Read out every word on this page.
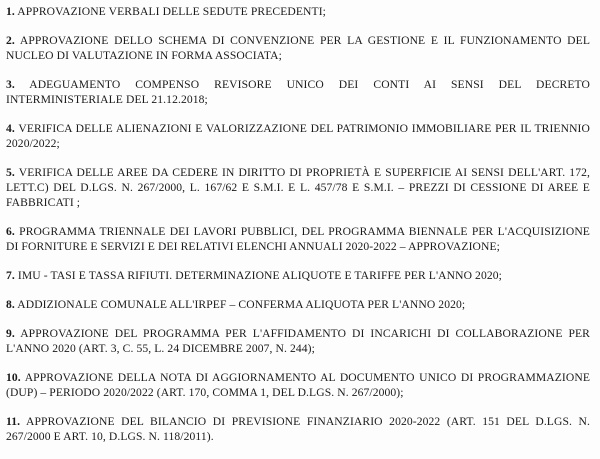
1. APPROVAZIONE VERBALI DELLE SEDUTE PRECEDENTI;
2. APPROVAZIONE DELLO SCHEMA DI CONVENZIONE PER LA GESTIONE E IL FUNZIONAMENTO DEL NUCLEO DI VALUTAZIONE IN FORMA ASSOCIATA;
3. ADEGUAMENTO COMPENSO REVISORE UNICO DEI CONTI AI SENSI DEL DECRETO INTERMINISTERIALE DEL 21.12.2018;
4. VERIFICA DELLE ALIENAZIONI E VALORIZZAZIONE DEL PATRIMONIO IMMOBILIARE PER IL TRIENNIO 2020/2022;
5. VERIFICA DELLE AREE DA CEDERE IN DIRITTO DI PROPRIETÀ E SUPERFICIE AI SENSI DELL'ART. 172, LETT.C) DEL D.LGS. N. 267/2000, L. 167/62 E S.M.I. E L. 457/78 E S.M.I. – PREZZI DI CESSIONE DI AREE E FABBRICATI ;
6. PROGRAMMA TRIENNALE DEI LAVORI PUBBLICI, DEL PROGRAMMA BIENNALE PER L'ACQUISIZIONE DI FORNITURE E SERVIZI E DEI RELATIVI ELENCHI ANNUALI 2020-2022 – APPROVAZIONE;
7. IMU - TASI E TASSA RIFIUTI. DETERMINAZIONE ALIQUOTE E TARIFFE PER L'ANNO 2020;
8. ADDIZIONALE COMUNALE ALL'IRPEF – CONFERMA ALIQUOTA PER L'ANNO 2020;
9. APPROVAZIONE DEL PROGRAMMA PER L'AFFIDAMENTO DI INCARICHI DI COLLABORAZIONE PER L'ANNO 2020 (ART. 3, C. 55, L. 24 DICEMBRE 2007, N. 244);
10. APPROVAZIONE DELLA NOTA DI AGGIORNAMENTO AL DOCUMENTO UNICO DI PROGRAMMAZIONE (DUP) – PERIODO 2020/2022 (ART. 170, COMMA 1, DEL D.LGS. N. 267/2000);
11. APPROVAZIONE DEL BILANCIO DI PREVISIONE FINANZIARIO 2020-2022 (ART. 151 DEL D.LGS. N. 267/2000 E ART. 10, D.LGS. N. 118/2011).
